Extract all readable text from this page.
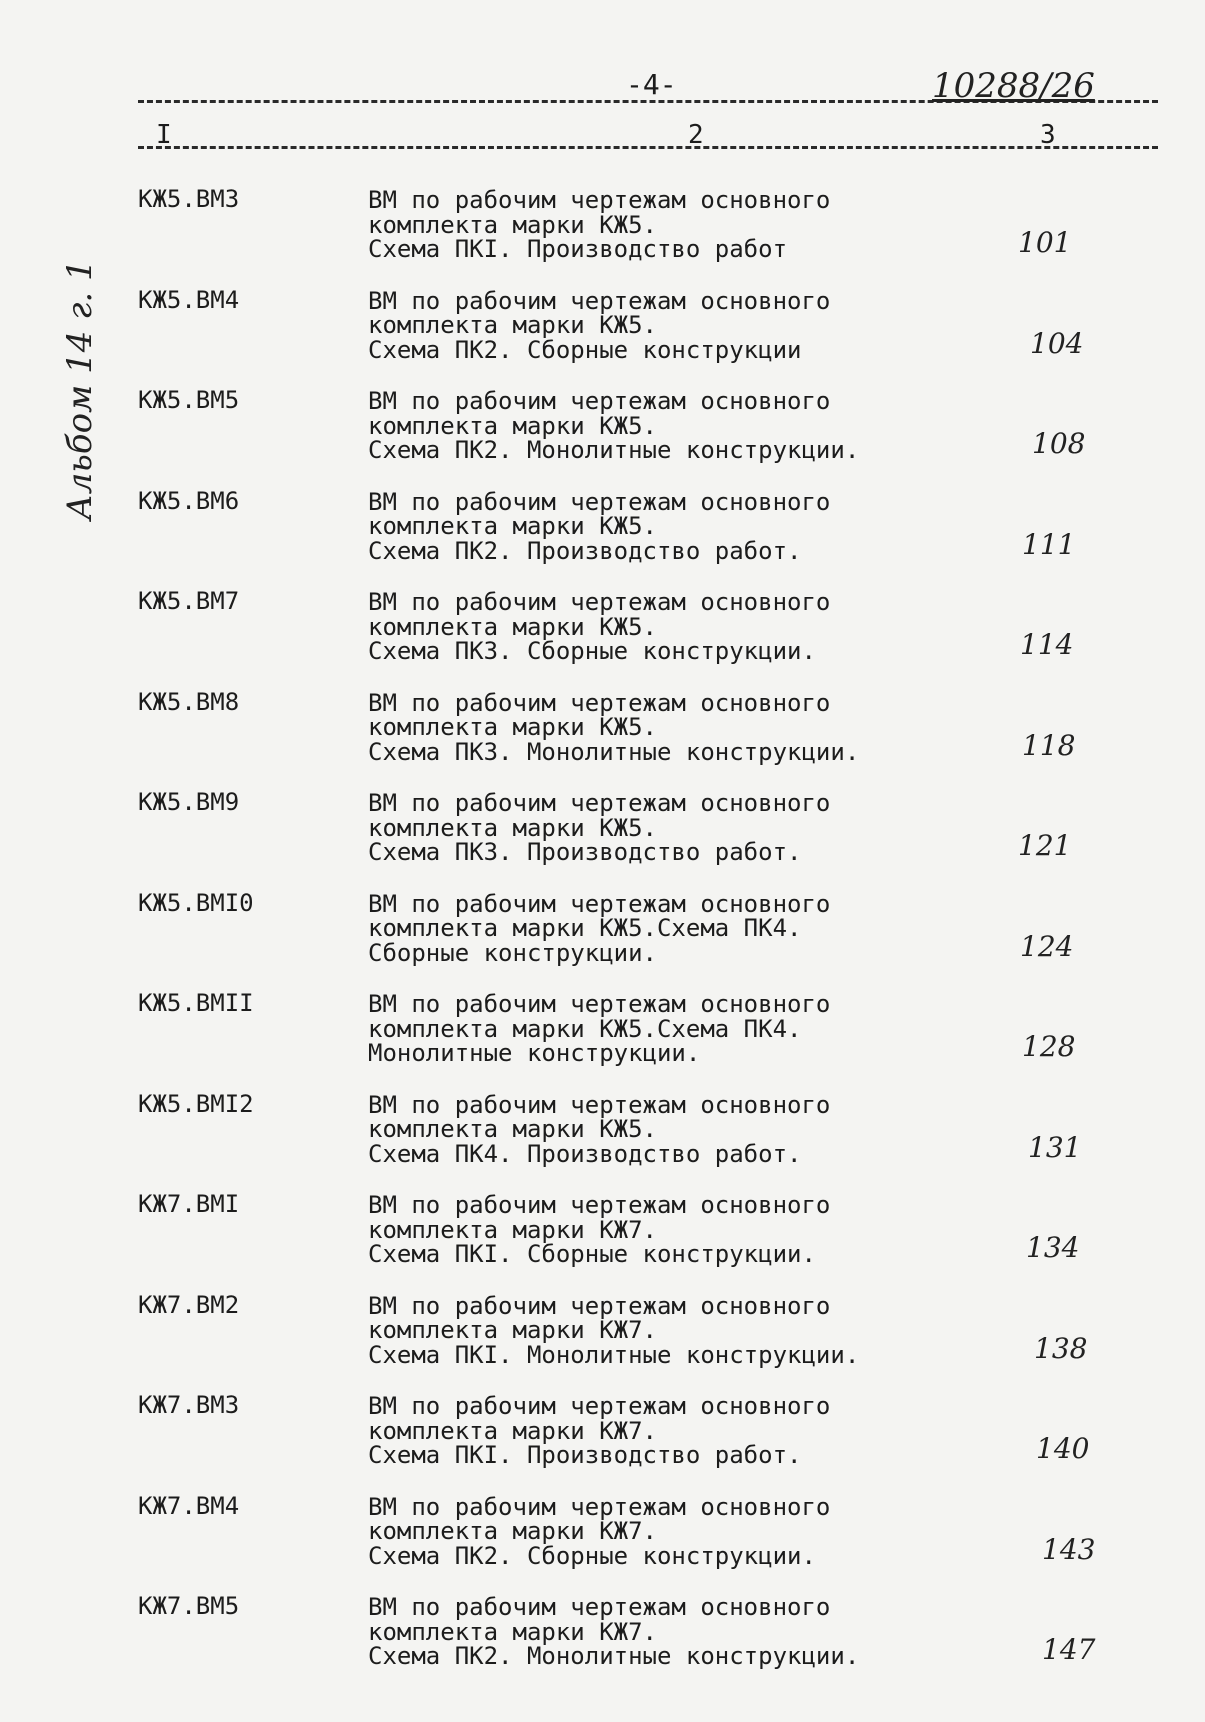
-4-	10288/26
I	2	3
Альбом 14 г. 1
КЖ5.ВМ3	ВМ по рабочим чертежам основного
комплекта марки КЖ5.
Схема ПКI. Производство работ	101
КЖ5.ВМ4	ВМ по рабочим чертежам основного
комплекта марки КЖ5.
Схема ПК2. Сборные конструкции	104
КЖ5.ВМ5	ВМ по рабочим чертежам основного
комплекта марки КЖ5.
Схема ПК2. Монолитные конструкции.	108
КЖ5.ВМ6	ВМ по рабочим чертежам основного
комплекта марки КЖ5.
Схема ПК2. Производство работ.	111
КЖ5.ВМ7	ВМ по рабочим чертежам основного
комплекта марки КЖ5.
Схема ПК3. Сборные конструкции.	114
КЖ5.ВМ8	ВМ по рабочим чертежам основного
комплекта марки КЖ5.
Схема ПК3. Монолитные конструкции.	118
КЖ5.ВМ9	ВМ по рабочим чертежам основного
комплекта марки КЖ5.
Схема ПК3. Производство работ.	121
КЖ5.ВМI0	ВМ по рабочим чертежам основного
комплекта марки КЖ5.Схема ПК4.
Сборные конструкции.	124
КЖ5.ВМII	ВМ по рабочим чертежам основного
комплекта марки КЖ5.Схема ПК4.
Монолитные конструкции.	128
КЖ5.ВМI2	ВМ по рабочим чертежам основного
комплекта марки КЖ5.
Схема ПК4. Производство работ.	131
КЖ7.ВМI	ВМ по рабочим чертежам основного
комплекта марки КЖ7.
Схема ПКI. Сборные конструкции.	134
КЖ7.ВМ2	ВМ по рабочим чертежам основного
комплекта марки КЖ7.
Схема ПКI. Монолитные конструкции.	138
КЖ7.ВМ3	ВМ по рабочим чертежам основного
комплекта марки КЖ7.
Схема ПКI. Производство работ.	140
КЖ7.ВМ4	ВМ по рабочим чертежам основного
комплекта марки КЖ7.
Схема ПК2. Сборные конструкции.	143
КЖ7.ВМ5	ВМ по рабочим чертежам основного
комплекта марки КЖ7.
Схема ПК2. Монолитные конструкции.	147
